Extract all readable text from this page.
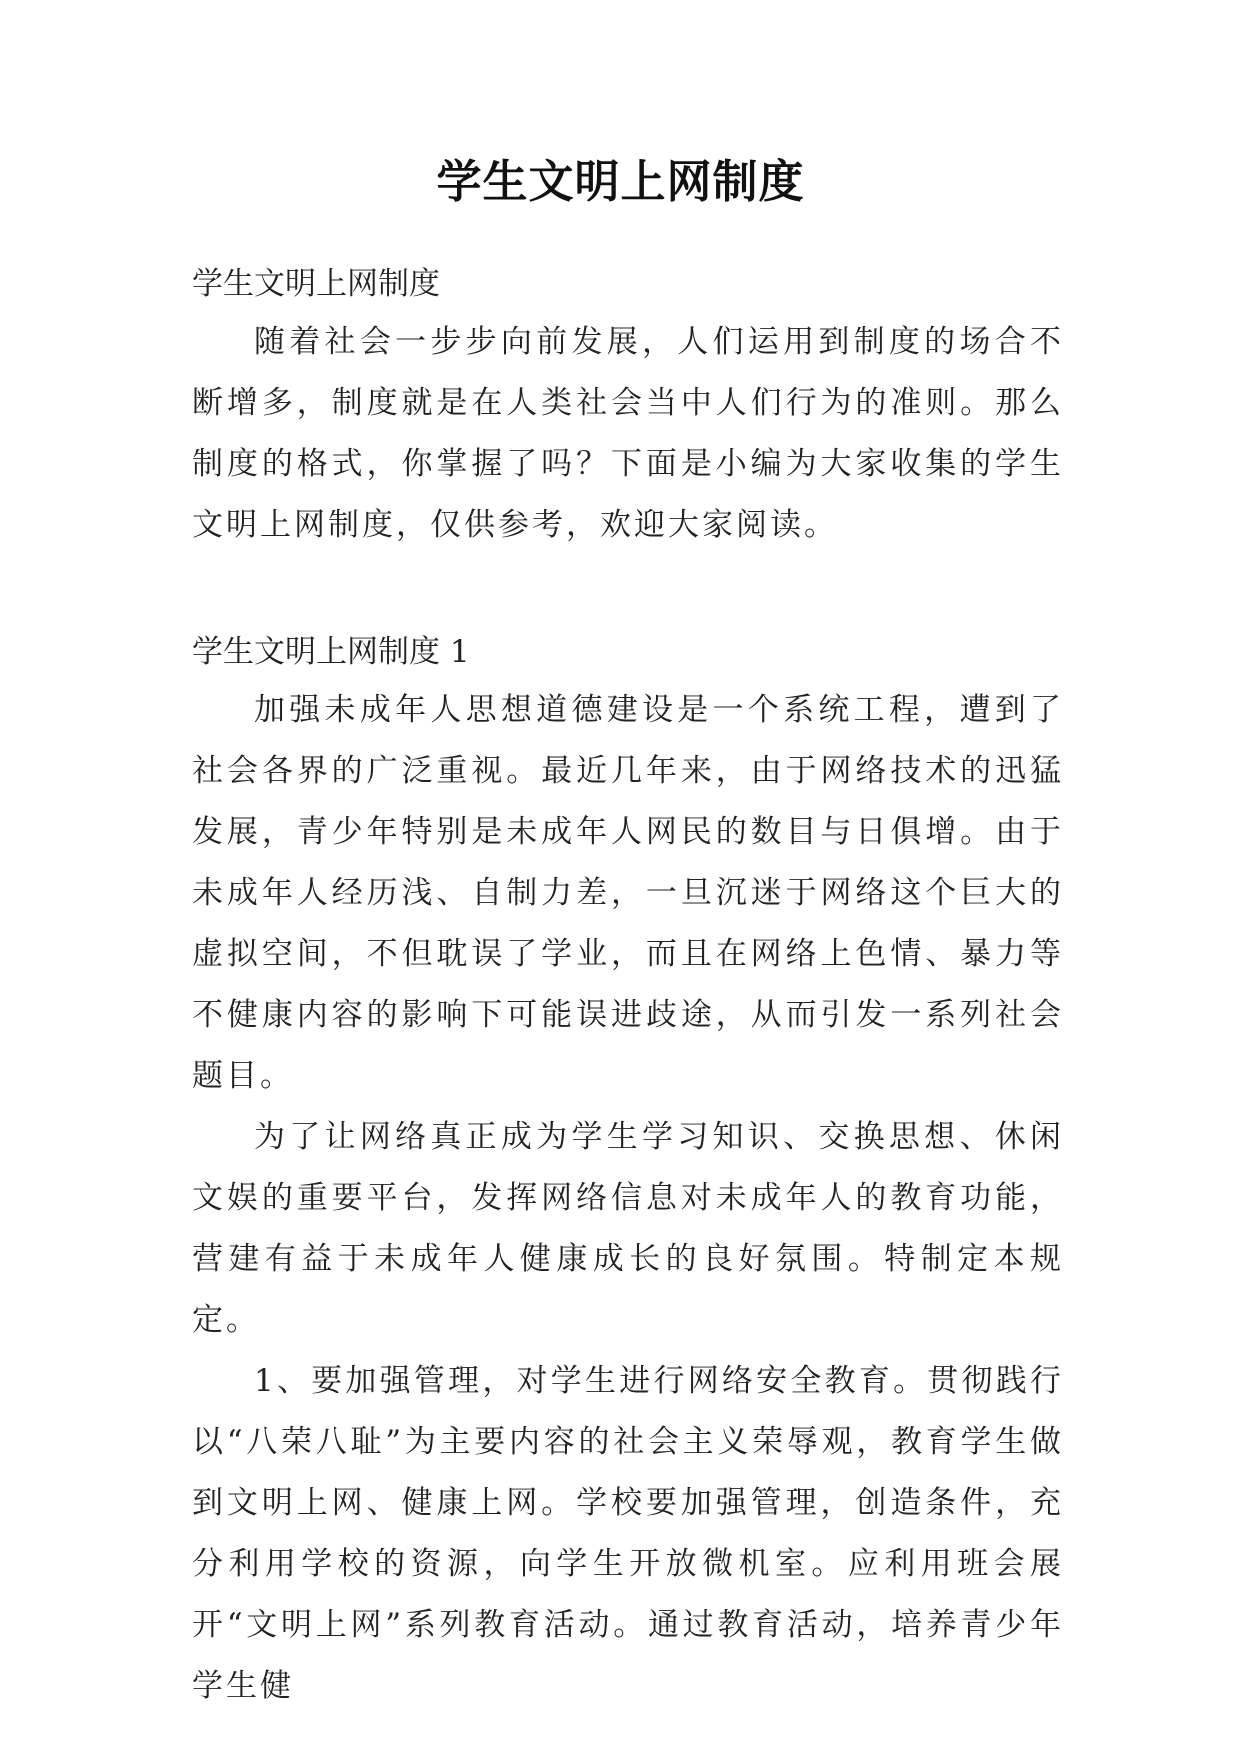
学生文明上网制度
学生文明上网制度

随着社会一步步向前发展，人们运用到制度的场合不断增多，制度就是在人类社会当中人们行为的准则。那么制度的格式，你掌握了吗？下面是小编为大家收集的学生文明上网制度，仅供参考，欢迎大家阅读。

学生文明上网制度 1

加强未成年人思想道德建设是一个系统工程，遭到了社会各界的广泛重视。最近几年来，由于网络技术的迅猛发展，青少年特别是未成年人网民的数目与日俱增。由于未成年人经历浅、自制力差，一旦沉迷于网络这个巨大的虚拟空间，不但耽误了学业，而且在网络上色情、暴力等不健康内容的影响下可能误进歧途，从而引发一系列社会题目。

为了让网络真正成为学生学习知识、交换思想、休闲文娱的重要平台，发挥网络信息对未成年人的教育功能，营建有益于未成年人健康成长的良好氛围。特制定本规定。

1、要加强管理，对学生进行网络安全教育。贯彻践行以“八荣八耻”为主要内容的社会主义荣辱观，教育学生做到文明上网、健康上网。学校要加强管理，创造条件，充分利用学校的资源，向学生开放微机室。应利用班会展开“文明上网”系列教育活动。通过教育活动，培养青少年学生健
